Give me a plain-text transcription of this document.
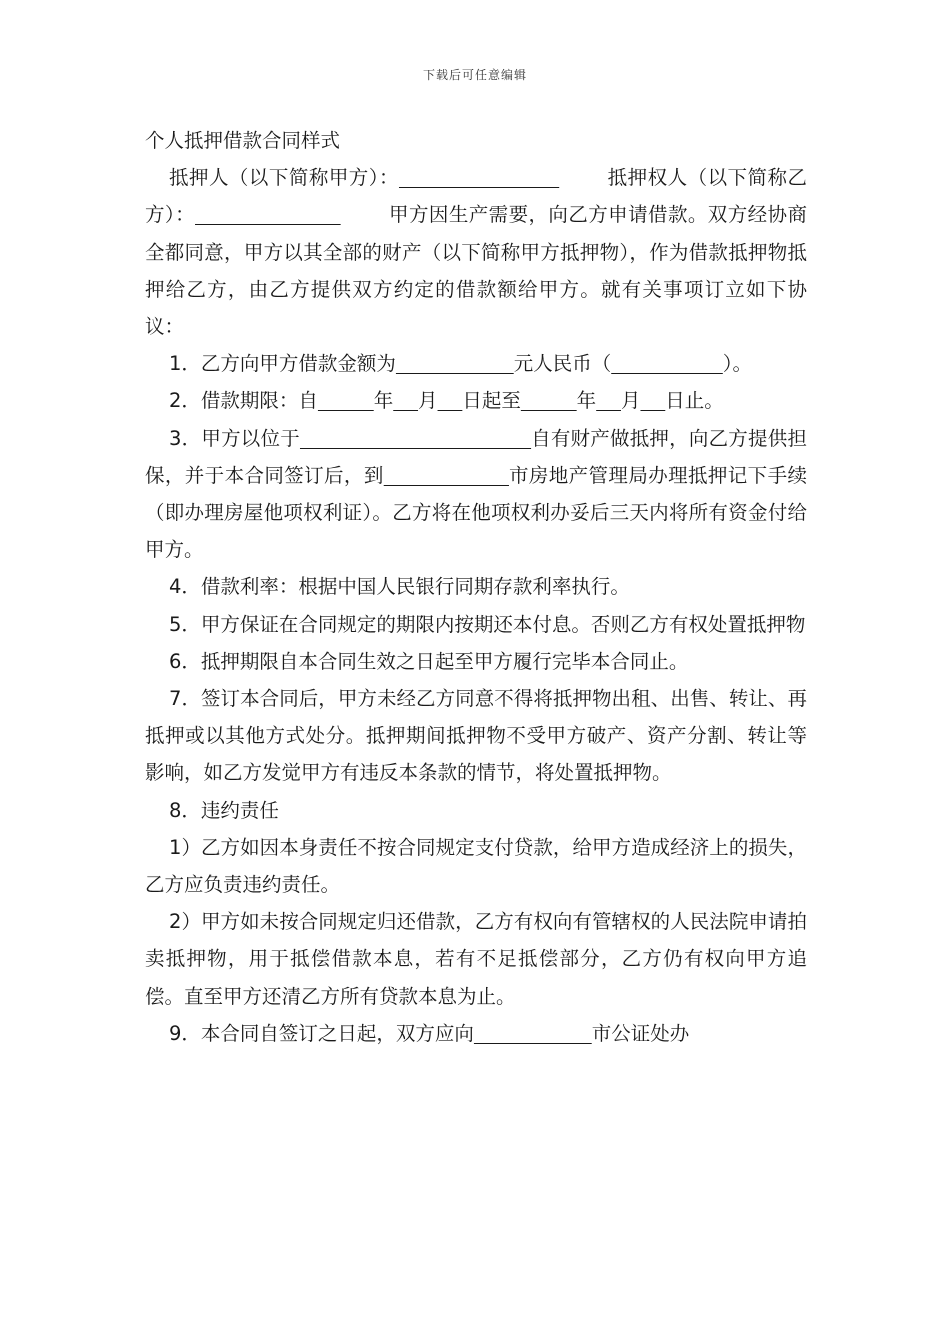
下载后可任意编辑

个人抵押借款合同样式

抵押人（以下简称甲方）：	抵押权人（以下简称乙方）：	甲方因生产需要，向乙方申请借款。双方经协商全都同意，甲方以其全部的财产（以下简称甲方抵押物），作为借款抵押物抵押给乙方，由乙方提供双方约定的借款额给甲方。就有关事项订立如下协议：

1．乙方向甲方借款金额为	元人民币（	）。

2．借款期限：自	年 月 日起至	年 月 日止。

3．甲方以位于	自有财产做抵押，向乙方提供担保，并于本合同签订后，到	市房地产管理局办理抵押记下手续（即办理房屋他项权利证）。乙方将在他项权利办妥后三天内将所有资金付给甲方。

4．借款利率：根据中国人民银行同期存款利率执行。

5．甲方保证在合同规定的期限内按期还本付息。否则乙方有权处置抵押物

6．抵押期限自本合同生效之日起至甲方履行完毕本合同止。

7．签订本合同后，甲方未经乙方同意不得将抵押物出租、出售、转让、再抵押或以其他方式处分。抵押期间抵押物不受甲方破产、资产分割、转让等影响，如乙方发觉甲方有违反本条款的情节，将处置抵押物。

8．违约责任

1）乙方如因本身责任不按合同规定支付贷款，给甲方造成经济上的损失，乙方应负责违约责任。

2）甲方如未按合同规定归还借款，乙方有权向有管辖权的人民法院申请拍卖抵押物，用于抵偿借款本息，若有不足抵偿部分，乙方仍有权向甲方追偿。直至甲方还清乙方所有贷款本息为止。

9．本合同自签订之日起，双方应向	市公证处办
